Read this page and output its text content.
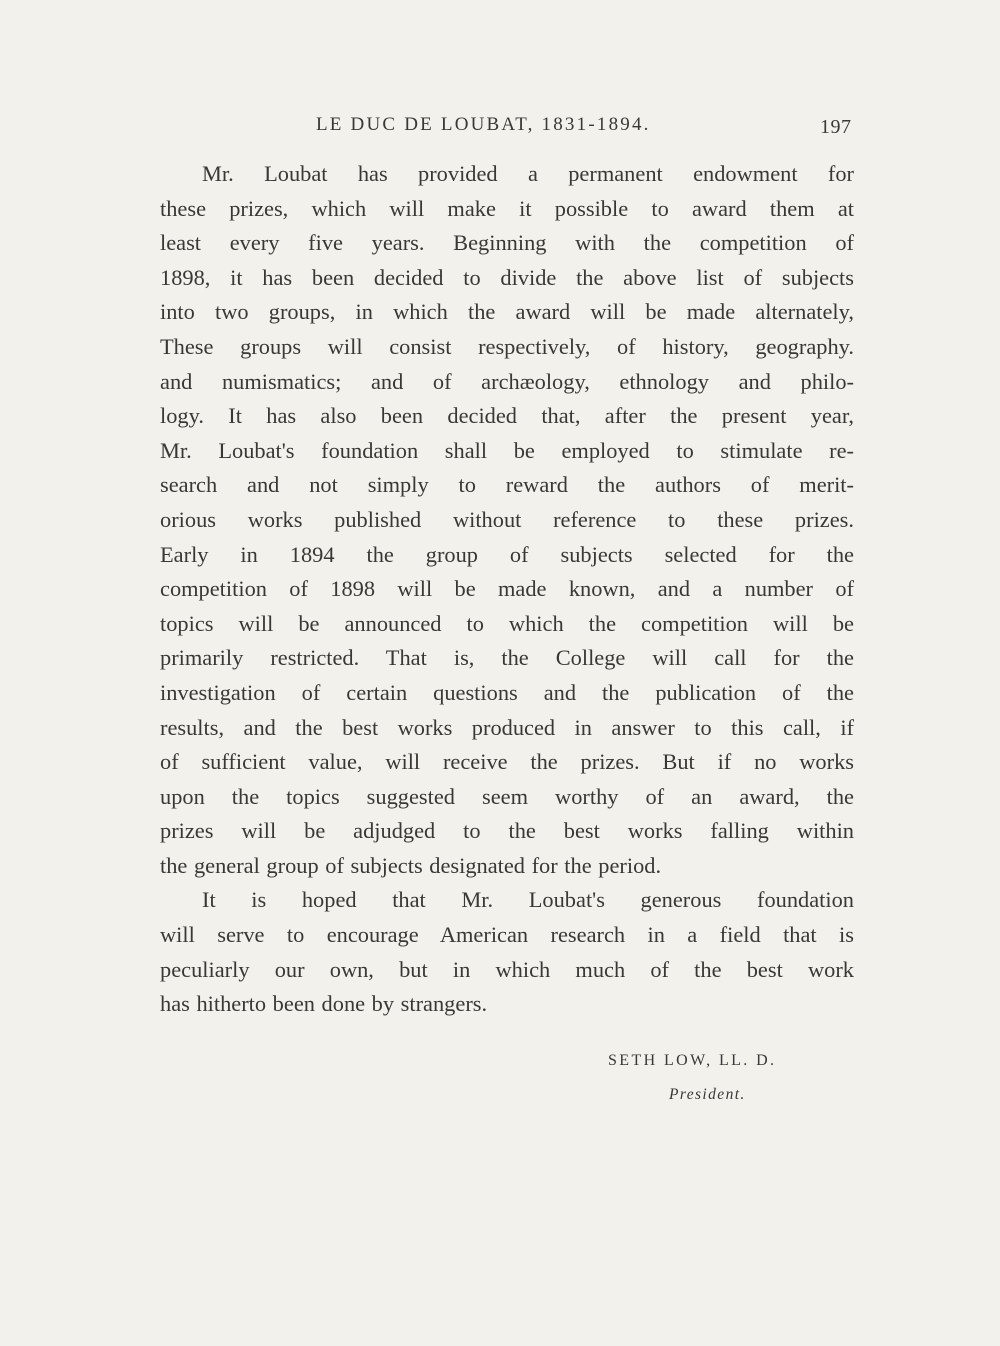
LE DUC DE LOUBAT, 1831-1894.	197
Mr. Loubat has provided a permanent endowment for
these prizes, which will make it possible to award them at
least every five years. Beginning with the competition of
1898, it has been decided to divide the above list of subjects
into two groups, in which the award will be made alternately,
These groups will consist respectively, of history, geography.
and numismatics; and of archæology, ethnology and philo-
logy. It has also been decided that, after the present year,
Mr. Loubat's foundation shall be employed to stimulate re-
search and not simply to reward the authors of merit-
orious works published without reference to these prizes.
Early in 1894 the group of subjects selected for the
competition of 1898 will be made known, and a number of
topics will be announced to which the competition will be
primarily restricted. That is, the College will call for the
investigation of certain questions and the publication of the
results, and the best works produced in answer to this call, if
of sufficient value, will receive the prizes. But if no works
upon the topics suggested seem worthy of an award, the
prizes will be adjudged to the best works falling within
the general group of subjects designated for the period.
It is hoped that Mr. Loubat's generous foundation
will serve to encourage American research in a field that is
peculiarly our own, but in which much of the best work
has hitherto been done by strangers.
SETH LOW, LL. D.
President.
